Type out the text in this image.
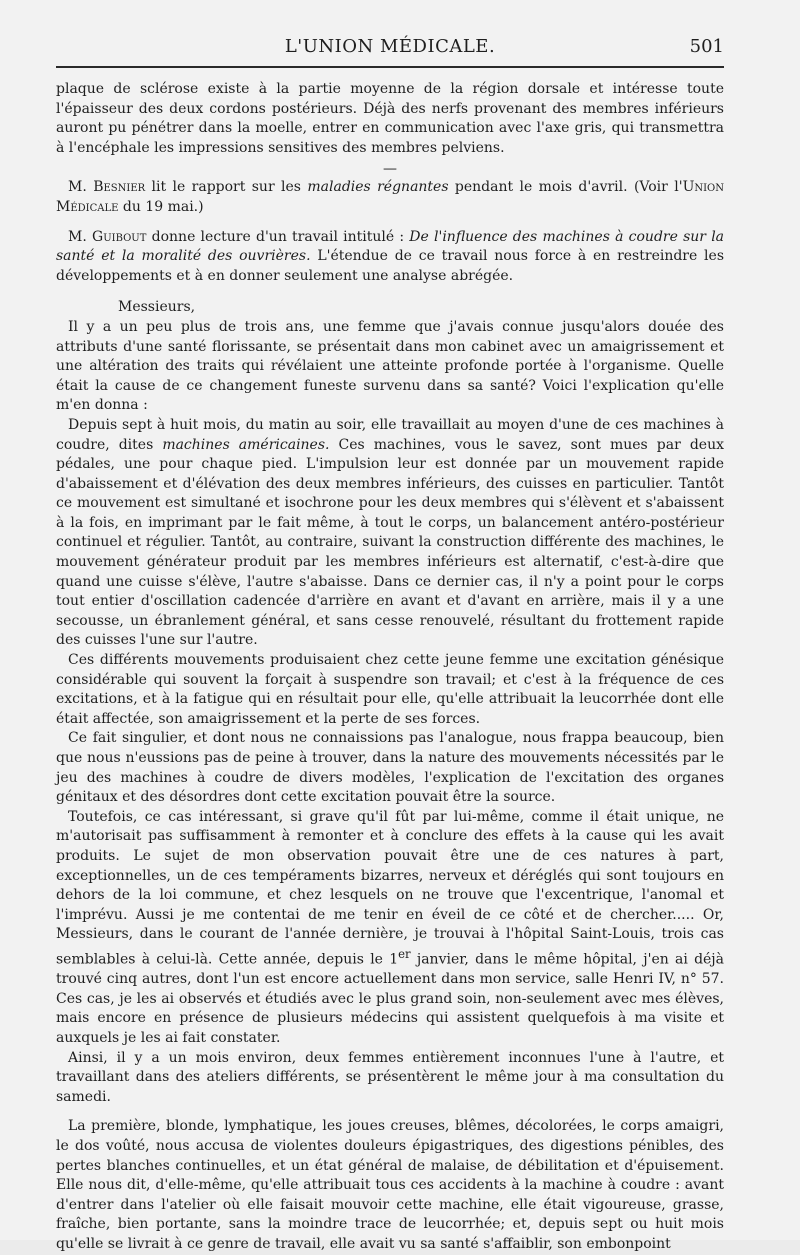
L'UNION MÉDICALE.	501

plaque de sclérose existe à la partie moyenne de la région dorsale et intéresse toute l'épaisseur des deux cordons postérieurs. Déjà des nerfs provenant des membres inférieurs auront pu pénétrer dans la moelle, entrer en communication avec l'axe gris, qui transmettra à l'encéphale les impressions sensitives des membres pelviens.

—

M. Besnier lit le rapport sur les maladies régnantes pendant le mois d'avril. (Voir l'Union Médicale du 19 mai.)

M. Guibout donne lecture d'un travail intitulé : De l'influence des machines à coudre sur la santé et la moralité des ouvrières. L'étendue de ce travail nous force à en restreindre les développements et à en donner seulement une analyse abrégée.

Messieurs,

Il y a un peu plus de trois ans, une femme que j'avais connue jusqu'alors douée des attributs d'une santé florissante, se présentait dans mon cabinet avec un amaigrissement et une altération des traits qui révélaient une atteinte profonde portée à l'organisme. Quelle était la cause de ce changement funeste survenu dans sa santé? Voici l'explication qu'elle m'en donna :

Depuis sept à huit mois, du matin au soir, elle travaillait au moyen d'une de ces machines à coudre, dites machines américaines. Ces machines, vous le savez, sont mues par deux pédales, une pour chaque pied. L'impulsion leur est donnée par un mouvement rapide d'abaissement et d'élévation des deux membres inférieurs, des cuisses en particulier. Tantôt ce mouvement est simultané et isochrone pour les deux membres qui s'élèvent et s'abaissent à la fois, en imprimant par le fait même, à tout le corps, un balancement antéro-postérieur continuel et régulier. Tantôt, au contraire, suivant la construction différente des machines, le mouvement générateur produit par les membres inférieurs est alternatif, c'est-à-dire que quand une cuisse s'élève, l'autre s'abaisse. Dans ce dernier cas, il n'y a point pour le corps tout entier d'oscillation cadencée d'arrière en avant et d'avant en arrière, mais il y a une secousse, un ébranlement général, et sans cesse renouvelé, résultant du frottement rapide des cuisses l'une sur l'autre.

Ces différents mouvements produisaient chez cette jeune femme une excitation génésique considérable qui souvent la forçait à suspendre son travail; et c'est à la fréquence de ces excitations, et à la fatigue qui en résultait pour elle, qu'elle attribuait la leucorrhée dont elle était affectée, son amaigrissement et la perte de ses forces.

Ce fait singulier, et dont nous ne connaissions pas l'analogue, nous frappa beaucoup, bien que nous n'eussions pas de peine à trouver, dans la nature des mouvements nécessités par le jeu des machines à coudre de divers modèles, l'explication de l'excitation des organes génitaux et des désordres dont cette excitation pouvait être la source.

Toutefois, ce cas intéressant, si grave qu'il fût par lui-même, comme il était unique, ne m'autorisait pas suffisamment à remonter et à conclure des effets à la cause qui les avait produits. Le sujet de mon observation pouvait être une de ces natures à part, exceptionnelles, un de ces tempéraments bizarres, nerveux et déréglés qui sont toujours en dehors de la loi commune, et chez lesquels on ne trouve que l'excentrique, l'anomal et l'imprévu. Aussi je me contentai de me tenir en éveil de ce côté et de chercher..... Or, Messieurs, dans le courant de l'année dernière, je trouvai à l'hôpital Saint-Louis, trois cas semblables à celui-là. Cette année, depuis le 1er janvier, dans le même hôpital, j'en ai déjà trouvé cinq autres, dont l'un est encore actuellement dans mon service, salle Henri IV, n° 57. Ces cas, je les ai observés et étudiés avec le plus grand soin, non-seulement avec mes élèves, mais encore en présence de plusieurs médecins qui assistent quelquefois à ma visite et auxquels je les ai fait constater.

Ainsi, il y a un mois environ, deux femmes entièrement inconnues l'une à l'autre, et travaillant dans des ateliers différents, se présentèrent le même jour à ma consultation du samedi.

La première, blonde, lymphatique, les joues creuses, blêmes, décolorées, le corps amaigri, le dos voûté, nous accusa de violentes douleurs épigastriques, des digestions pénibles, des pertes blanches continuelles, et un état général de malaise, de débilitation et d'épuisement. Elle nous dit, d'elle-même, qu'elle attribuait tous ces accidents à la machine à coudre : avant d'entrer dans l'atelier où elle faisait mouvoir cette machine, elle était vigoureuse, grasse, fraîche, bien portante, sans la moindre trace de leucorrhée; et, depuis sept ou huit mois qu'elle se livrait à ce genre de travail, elle avait vu sa santé s'affaiblir, son embonpoint
